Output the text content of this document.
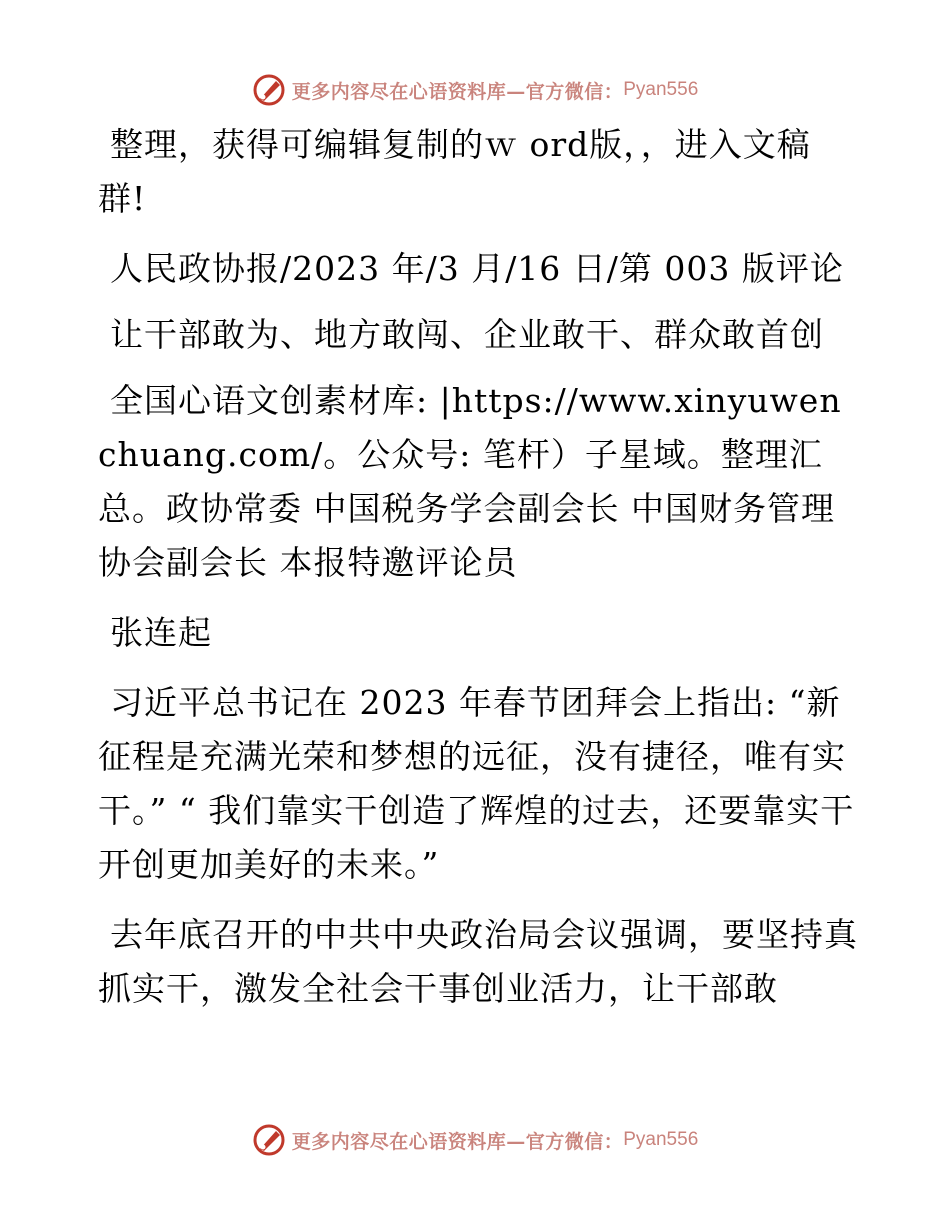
更多内容尽在心语资料库—官方微信： Pyan556

整理，获得可编辑复制的ｗ ord版，，进入文稿群!

人民政协报/2023 年/3 月/16 日/第 003 版评论

让干部敢为、地方敢闯、企业敢干、群众敢首创

全国心语文创素材库: |https://www.xinyuwenchuang.com/。公众号: 笔杆）子星域。整理汇总。政协常委 中国税务学会副会长 中国财务管理协会副会长 本报特邀评论员

张连起

习近平总书记在 2023 年春节团拜会上指出: “新征程是充满光荣和梦想的远征，没有捷径，唯有实干。” “ 我们靠实干创造了辉煌的过去，还要靠实干开创更加美好的未来。”

去年底召开的中共中央政治局会议强调，要坚持真抓实干，激发全社会干事创业活力，让干部敢

更多内容尽在心语资料库—官方微信： Pyan556
